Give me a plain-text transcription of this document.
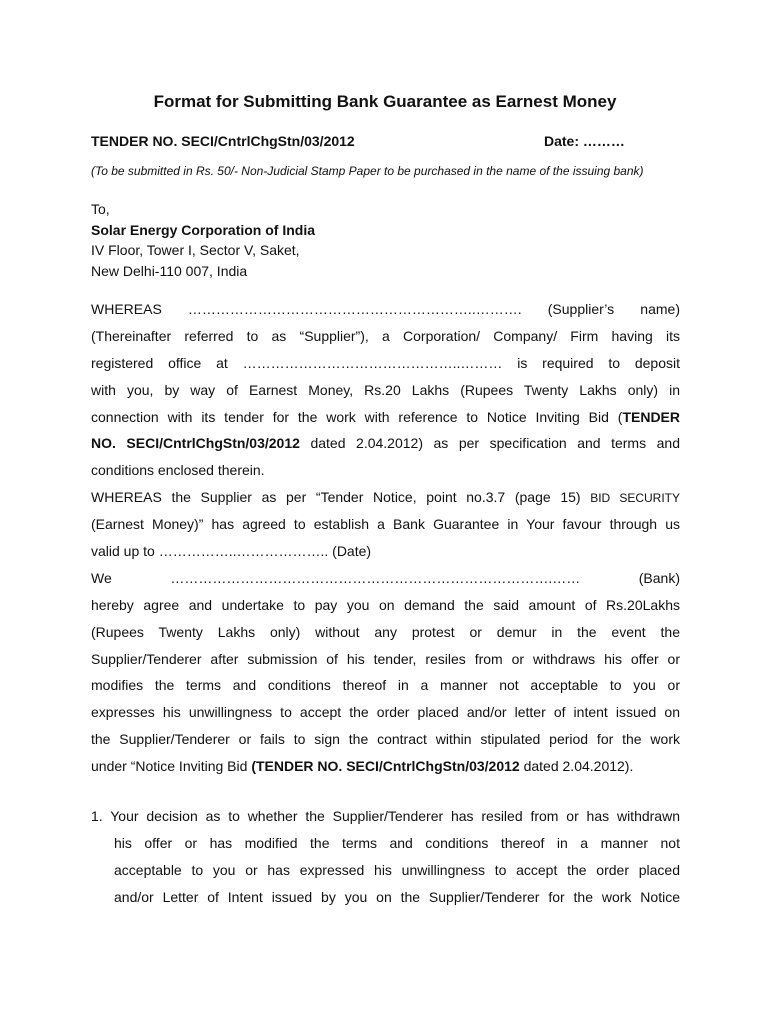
Format for Submitting Bank Guarantee as Earnest Money
TENDER NO. SECI/CntrlChgStn/03/2012	Date: ………
(To be submitted in Rs. 50/- Non-Judicial Stamp Paper to be purchased in the name of the issuing bank)
To,
Solar Energy Corporation of India
IV Floor, Tower I, Sector V, Saket,
New Delhi-110 007, India
WHEREAS ……………………………………………………..………. (Supplier’s name)
(Thereinafter referred to as “Supplier”), a Corporation/ Company/ Firm having its
registered office at ………………………………………..……… is required to deposit
with you, by way of Earnest Money, Rs.20 Lakhs (Rupees Twenty Lakhs only) in
connection with its tender for the work with reference to Notice Inviting Bid (TENDER
NO. SECI/CntrlChgStn/03/2012 dated 2.04.2012) as per specification and terms and
conditions enclosed therein.
WHEREAS the Supplier as per “Tender Notice, point no.3.7 (page 15) BID SECURITY
(Earnest Money)” has agreed to establish a Bank Guarantee in Your favour through us
valid up to ……………..……………….. (Date)
We	……………………………………………………………………….……	(Bank)
hereby agree and undertake to pay you on demand the said amount of Rs.20Lakhs
(Rupees Twenty Lakhs only) without any protest or demur in the event the
Supplier/Tenderer after submission of his tender, resiles from or withdraws his offer or
modifies the terms and conditions thereof in a manner not acceptable to you or
expresses his unwillingness to accept the order placed and/or letter of intent issued on
the Supplier/Tenderer or fails to sign the contract within stipulated period for the work
under “Notice Inviting Bid (TENDER NO. SECI/CntrlChgStn/03/2012 dated 2.04.2012).
1. Your decision as to whether the Supplier/Tenderer has resiled from or has withdrawn
his offer or has modified the terms and conditions thereof in a manner not
acceptable to you or has expressed his unwillingness to accept the order placed
and/or Letter of Intent issued by you on the Supplier/Tenderer for the work Notice
